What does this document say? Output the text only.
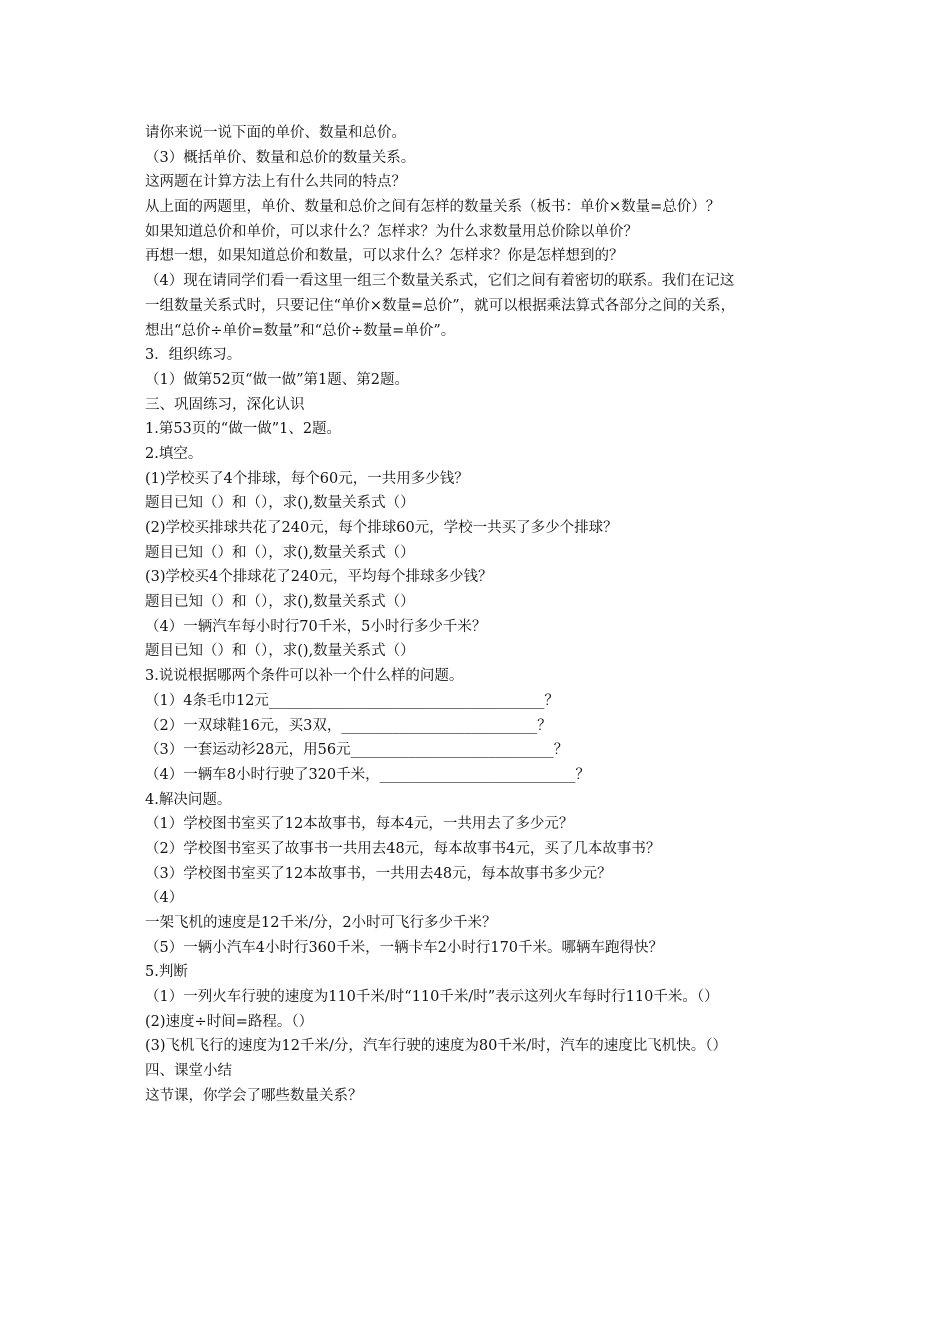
请你来说一说下面的单价、数量和总价。
（3）概括单价、数量和总价的数量关系。
这两题在计算方法上有什么共同的特点？
从上面的两题里，单价、数量和总价之间有怎样的数量关系（板书：单价×数量=总价）？
如果知道总价和单价，可以求什么？怎样求？为什么求数量用总价除以单价？
再想一想，如果知道总价和数量，可以求什么？怎样求？你是怎样想到的？
（4）现在请同学们看一看这里一组三个数量关系式，它们之间有着密切的联系。我们在记这
一组数量关系式时，只要记住“单价×数量=总价”，就可以根据乘法算式各部分之间的关系，
想出“总价÷单价=数量”和“总价÷数量=单价”。
3．组织练习。
（1）做第52页“做一做”第1题、第2题。
三、巩固练习，深化认识
1.第53页的“做一做”1、2题。
2.填空。
(1)学校买了4个排球，每个60元，一共用多少钱？
题目已知（）和（），求(),数量关系式（）
(2)学校买排球共花了240元，每个排球60元，学校一共买了多少个排球？
题目已知（）和（），求(),数量关系式（）
(3)学校买4个排球花了240元，平均每个排球多少钱？
题目已知（）和（），求(),数量关系式（）
（4）一辆汽车每小时行70千米，5小时行多少千米？
题目已知（）和（），求(),数量关系式（）
3.说说根据哪两个条件可以补一个什么样的问题。
（1）4条毛巾12元______________________________________？
（2）一双球鞋16元，买3双，___________________________？
（3）一套运动衫28元，用56元____________________________？
（4）一辆车8小时行驶了320千米，___________________________？
4.解决问题。
（1）学校图书室买了12本故事书，每本4元，一共用去了多少元？
（2）学校图书室买了故事书一共用去48元，每本故事书4元，买了几本故事书？
（3）学校图书室买了12本故事书，一共用去48元，每本故事书多少元？
（4）
一架飞机的速度是12千米/分，2小时可飞行多少千米？
（5）一辆小汽车4小时行360千米，一辆卡车2小时行170千米。哪辆车跑得快？
5.判断
（1）一列火车行驶的速度为110千米/时“110千米/时”表示这列火车每时行110千米。（）
(2)速度÷时间=路程。（）
(3)飞机飞行的速度为12千米/分，汽车行驶的速度为80千米/时，汽车的速度比飞机快。（）
四、课堂小结
这节课，你学会了哪些数量关系？
